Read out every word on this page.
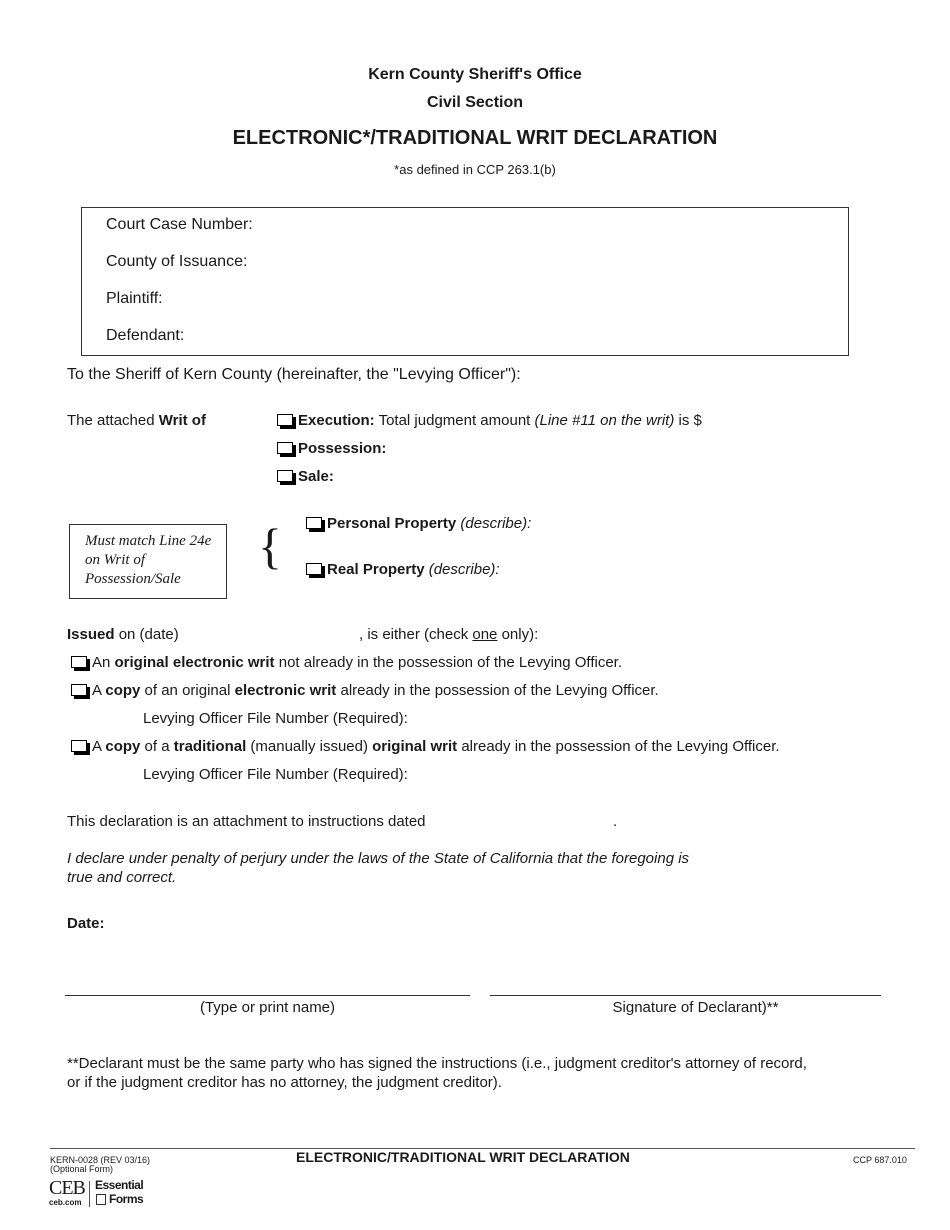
Kern County Sheriff's Office
Civil Section
ELECTRONIC*/TRADITIONAL WRIT DECLARATION
*as defined in CCP 263.1(b)
Court Case Number:
County of Issuance:
Plaintiff:
Defendant:
To the Sheriff of Kern County (hereinafter, the "Levying Officer"):
The attached Writ of	Execution: Total judgment amount (Line #11 on the writ) is $
Possession:
Sale:
Must match Line 24e on Writ of Possession/Sale
{	Personal Property (describe):
Real Property (describe):
Issued on (date)	, is either (check one only):
An original electronic writ not already in the possession of the Levying Officer.
A copy of an original electronic writ already in the possession of the Levying Officer.
Levying Officer File Number (Required):
A copy of a traditional (manually issued) original writ already in the possession of the Levying Officer.
Levying Officer File Number (Required):
This declaration is an attachment to instructions dated	.
I declare under penalty of perjury under the laws of the State of California that the foregoing is
true and correct.
Date:
(Type or print name)	Signature of Declarant)**
**Declarant must be the same party who has signed the instructions (i.e., judgment creditor's attorney of record,
or if the judgment creditor has no attorney, the judgment creditor).
KERN-0028 (REV 03/16)
(Optional Form)
ELECTRONIC/TRADITIONAL WRIT DECLARATION	CCP 687.010
CEB
ceb.com
Essential
Forms
